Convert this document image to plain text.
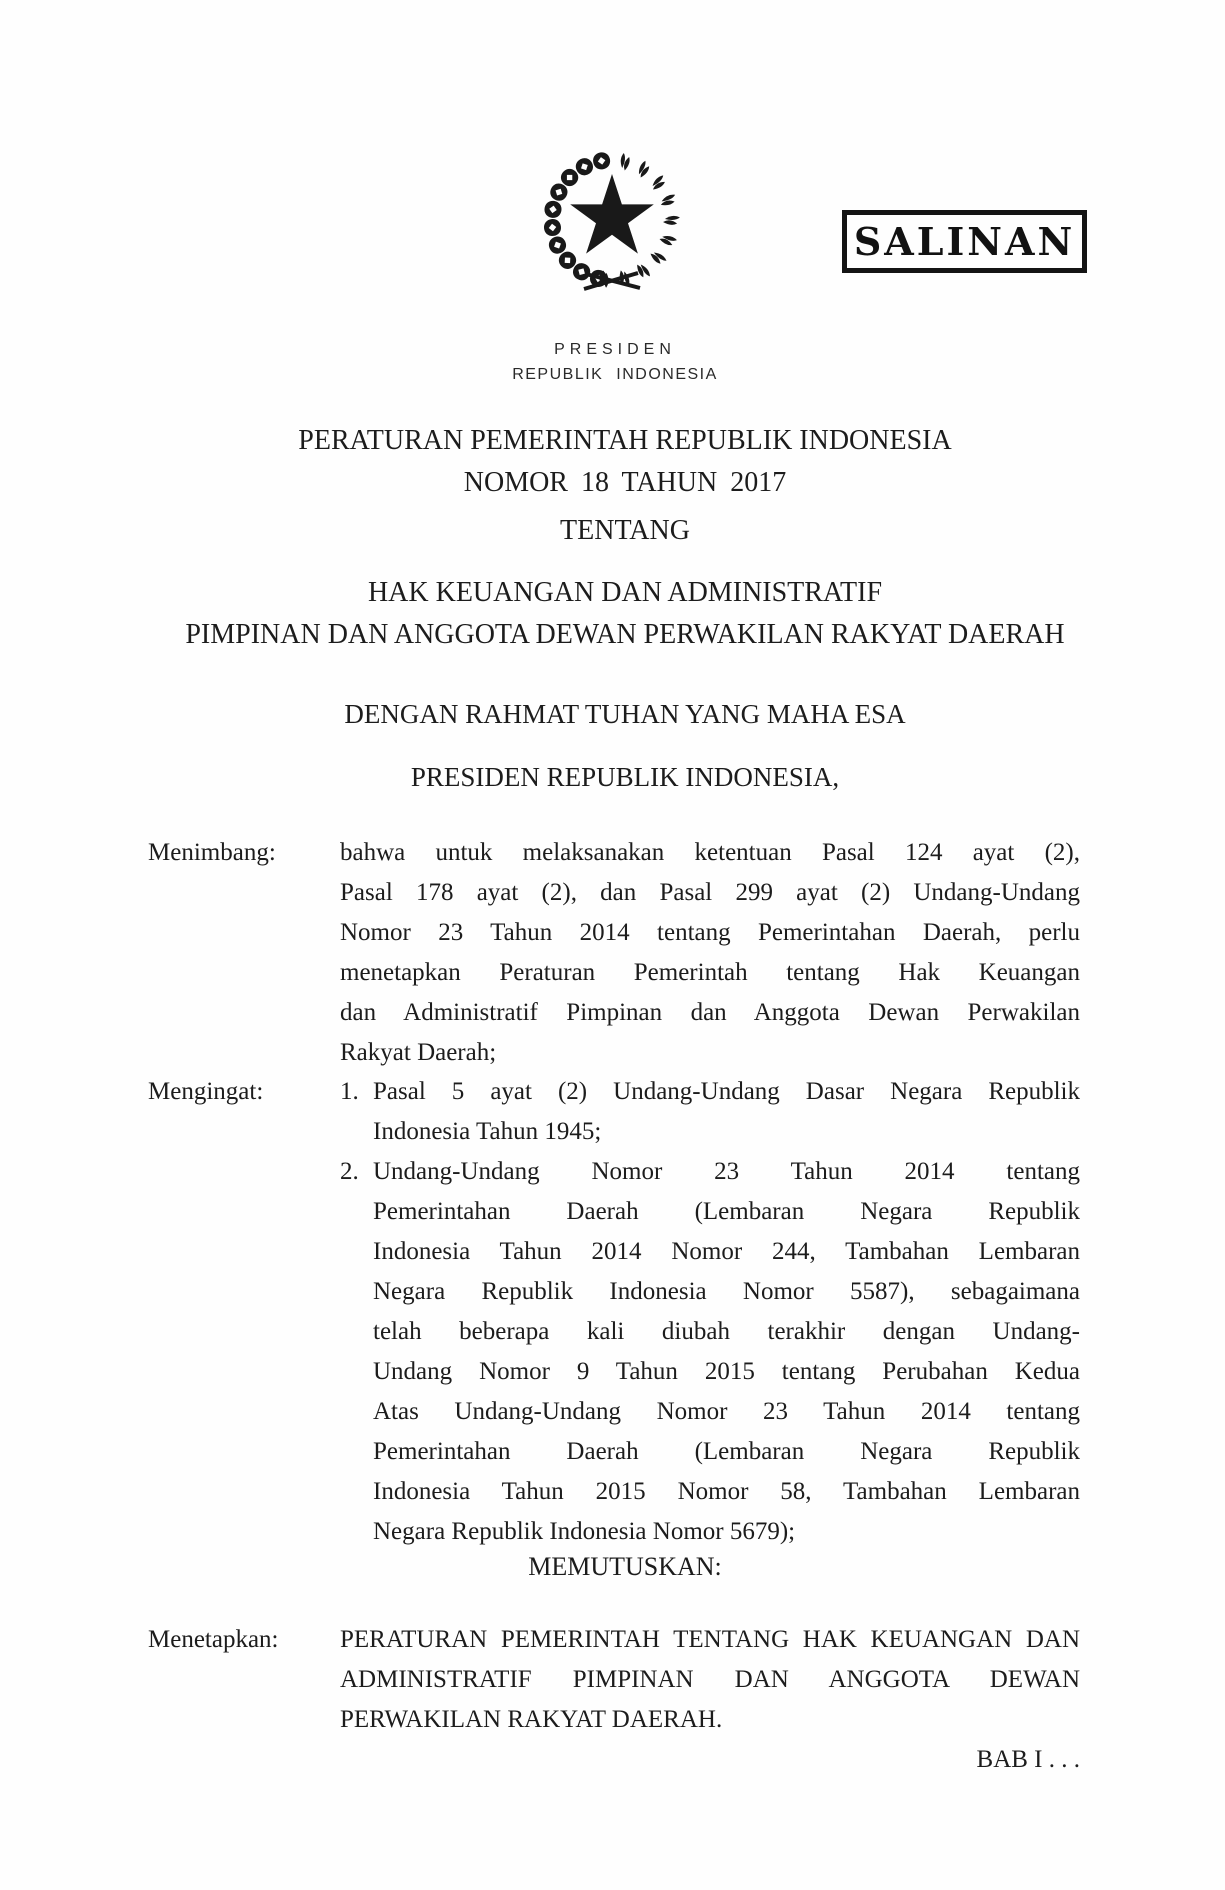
SALINAN
PRESIDEN
REPUBLIK INDONESIA
PERATURAN PEMERINTAH REPUBLIK INDONESIA
NOMOR 18 TAHUN 2017
TENTANG
HAK KEUANGAN DAN ADMINISTRATIF
PIMPINAN DAN ANGGOTA DEWAN PERWAKILAN RAKYAT DAERAH
DENGAN RAHMAT TUHAN YANG MAHA ESA
PRESIDEN REPUBLIK INDONESIA,
Menimbang:	bahwa untuk melaksanakan ketentuan Pasal 124 ayat (2),
Pasal 178 ayat (2), dan Pasal 299 ayat (2) Undang-Undang
Nomor 23 Tahun 2014 tentang Pemerintahan Daerah, perlu
menetapkan Peraturan Pemerintah tentang Hak Keuangan
dan Administratif Pimpinan dan Anggota Dewan Perwakilan
Rakyat Daerah;
Mengingat:	1. Pasal 5 ayat (2) Undang-Undang Dasar Negara Republik
Indonesia Tahun 1945;
2. Undang-Undang Nomor 23 Tahun 2014 tentang
Pemerintahan Daerah (Lembaran Negara Republik
Indonesia Tahun 2014 Nomor 244, Tambahan Lembaran
Negara Republik Indonesia Nomor 5587), sebagaimana
telah beberapa kali diubah terakhir dengan Undang-
Undang Nomor 9 Tahun 2015 tentang Perubahan Kedua
Atas Undang-Undang Nomor 23 Tahun 2014 tentang
Pemerintahan Daerah (Lembaran Negara Republik
Indonesia Tahun 2015 Nomor 58, Tambahan Lembaran
Negara Republik Indonesia Nomor 5679);
MEMUTUSKAN:
Menetapkan:	PERATURAN PEMERINTAH TENTANG HAK KEUANGAN DAN
ADMINISTRATIF PIMPINAN DAN ANGGOTA DEWAN
PERWAKILAN RAKYAT DAERAH.
BAB I . . .
